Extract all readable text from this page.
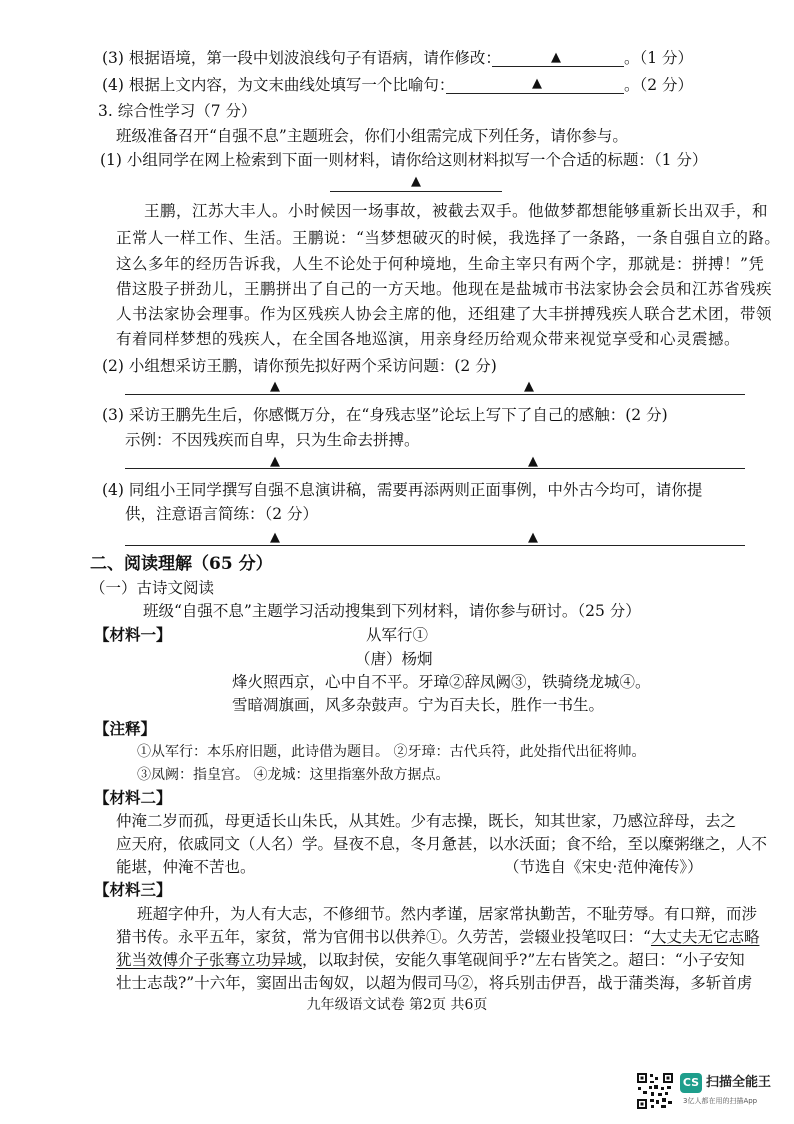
(3) 根据语境，第一段中划波浪线句子有语病，请作修改：	▲	。（1 分）
(4) 根据上文内容，为文末曲线处填写一个比喻句：	▲	。（2 分）
3. 综合性学习（7 分）
班级准备召开“自强不息”主题班会，你们小组需完成下列任务，请你参与。
(1) 小组同学在网上检索到下面一则材料，请你给这则材料拟写一个合适的标题：（1 分）
▲
王鹏，江苏大丰人。小时候因一场事故，被截去双手。他做梦都想能够重新长出双手，和
正常人一样工作、生活。王鹏说：“当梦想破灭的时候，我选择了一条路，一条自强自立的路。
这么多年的经历告诉我，人生不论处于何种境地，生命主宰只有两个字，那就是：拼搏！”凭
借这股子拼劲儿，王鹏拼出了自己的一方天地。他现在是盐城市书法家协会会员和江苏省残疾
人书法家协会理事。作为区残疾人协会主席的他，还组建了大丰拼搏残疾人联合艺术团，带领
有着同样梦想的残疾人，在全国各地巡演，用亲身经历给观众带来视觉享受和心灵震撼。
(2) 小组想采访王鹏，请你预先拟好两个采访问题：(2 分)
▲	▲
(3) 采访王鹏先生后，你感慨万分，在“身残志坚”论坛上写下了自己的感触：(2 分)
示例：不因残疾而自卑，只为生命去拼搏。
▲	▲
(4) 同组小王同学撰写自强不息演讲稿，需要再添两则正面事例，中外古今均可，请你提
供，注意语言简练：（2 分）
▲	▲
二、阅读理解（65 分）
（一）古诗文阅读
班级“自强不息”主题学习活动搜集到下列材料，请你参与研讨。（25 分）
【材料一】	从军行①
（唐）杨炯
烽火照西京，心中自不平。牙璋②辞凤阙③，铁骑绕龙城④。
雪暗凋旗画，风多杂鼓声。宁为百夫长，胜作一书生。
【注释】
①从军行：本乐府旧题，此诗借为题目。 ②牙璋：古代兵符，此处指代出征将帅。
③凤阙：指皇宫。 ④龙城：这里指塞外敌方据点。
【材料二】
仲淹二岁而孤，母更适长山朱氏，从其姓。少有志操，既长，知其世家，乃感泣辞母，去之
应天府，依戚同文（人名）学。昼夜不息，冬月惫甚，以水沃面；食不给，至以糜粥继之，人不
能堪，仲淹不苦也。	（节选自《宋史·范仲淹传》）
【材料三】
班超字仲升，为人有大志，不修细节。然内孝谨，居家常执勤苦，不耻劳辱。有口辩，而涉
猎书传。永平五年，家贫，常为官佣书以供养①。久劳苦，尝辍业投笔叹曰：“大丈夫无它志略
犹当效傅介子张骞立功异域，以取封侯，安能久事笔砚间乎?”左右皆笑之。超曰：“小子安知
壮士志哉?”十六年，窦固出击匈奴，以超为假司马②，将兵别击伊吾，战于蒲类海，多斩首虏
九年级语文试卷 第2页 共6页
CS 扫描全能王
3亿人都在用的扫描App
